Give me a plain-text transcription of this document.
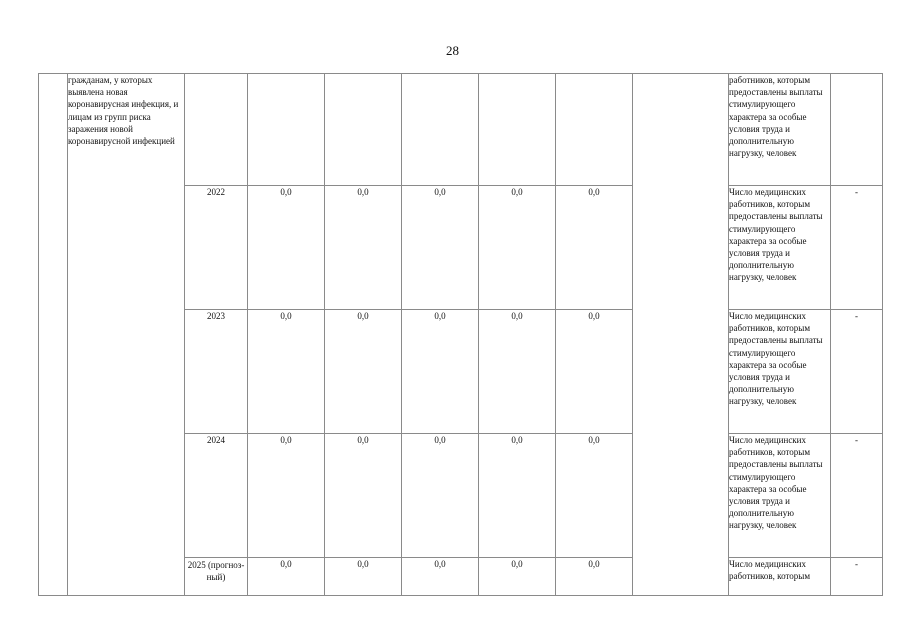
28
	гражданам, у которых выявлена новая коронавирусная инфекция, и лицам из групп риска заражения новой коронавирусной инфекцией								работников, которым предоставлены выплаты стимулирующего характера за особые условия труда и дополнительную нагрузку, человек	
		2022	0,0	0,0	0,0	0,0	0,0		Число медицинских работников, которым предоставлены выплаты стимулирующего характера за особые условия труда и дополнительную нагрузку, человек	-
		2023	0,0	0,0	0,0	0,0	0,0		Число медицинских работников, которым предоставлены выплаты стимулирующего характера за особые условия труда и дополнительную нагрузку, человек	-
		2024	0,0	0,0	0,0	0,0	0,0		Число медицинских работников, которым предоставлены выплаты стимулирующего характера за особые условия труда и дополнительную нагрузку, человек	-
		2025 (прогноз-ный)	0,0	0,0	0,0	0,0	0,0		Число медицинских работников, которым	-
